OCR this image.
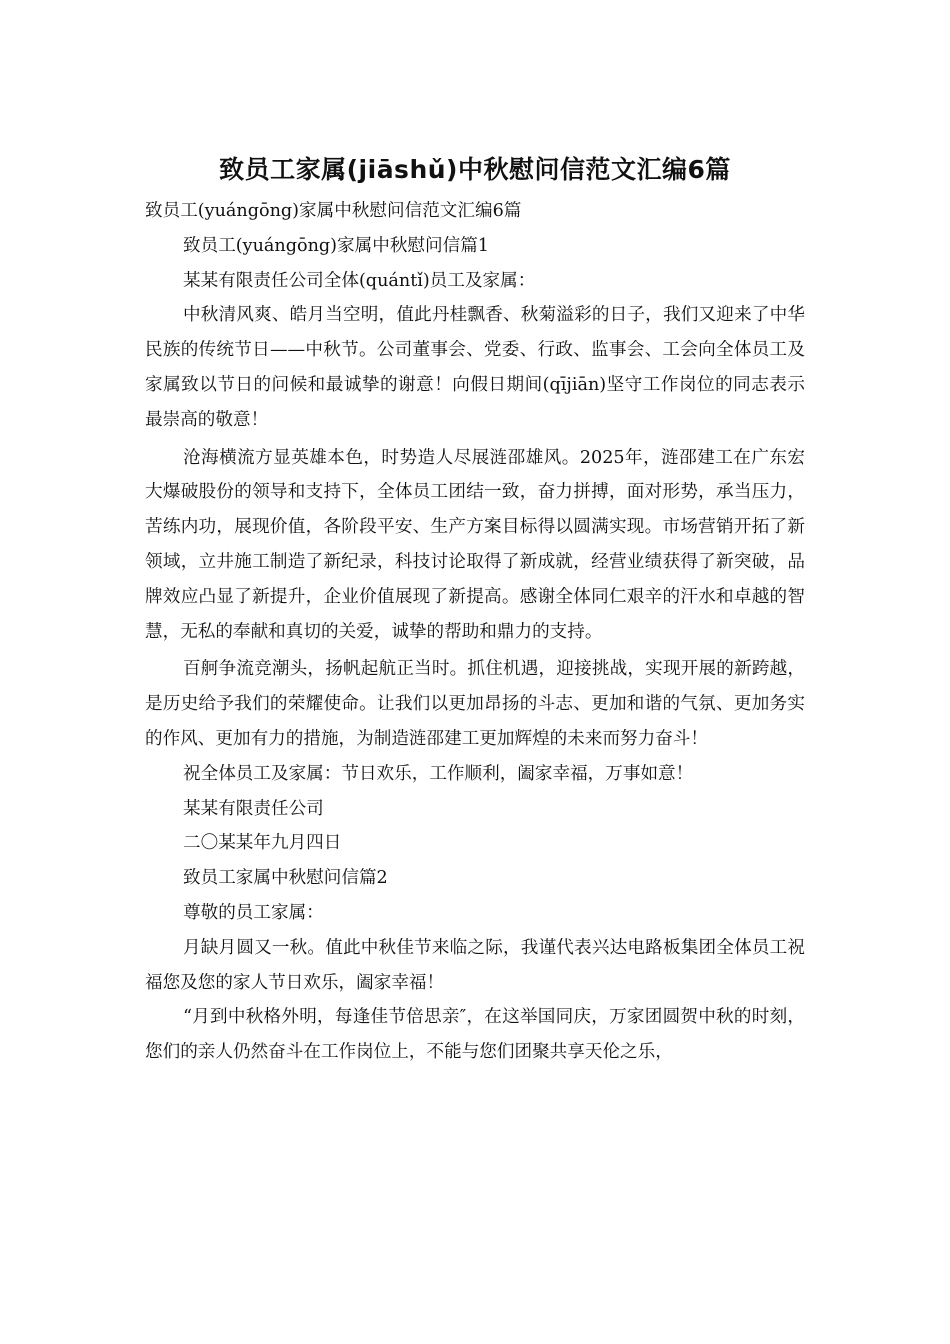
致员工家属(jiāshǔ)中秋慰问信范文汇编6篇

致员工(yuángōng)家属中秋慰问信范文汇编6篇

致员工(yuángōng)家属中秋慰问信篇1

某某有限责任公司全体(quántǐ)员工及家属：

中秋清风爽、皓月当空明，值此丹桂飘香、秋菊溢彩的日子，我们又迎来了中华民族的传统节日——中秋节。公司董事会、党委、行政、监事会、工会向全体员工及家属致以节日的问候和最诚挚的谢意！向假日期间(qījiān)坚守工作岗位的同志表示最崇高的敬意！

沧海横流方显英雄本色，时势造人尽展涟邵雄风。2025年，涟邵建工在广东宏大爆破股份的领导和支持下，全体员工团结一致，奋力拼搏，面对形势，承当压力，苦练内功，展现价值，各阶段平安、生产方案目标得以圆满实现。市场营销开拓了新领域，立井施工制造了新纪录，科技讨论取得了新成就，经营业绩获得了新突破，品牌效应凸显了新提升，企业价值展现了新提高。感谢全体同仁艰辛的汗水和卓越的智慧，无私的奉献和真切的关爱，诚挚的帮助和鼎力的支持。

百舸争流竞潮头，扬帆起航正当时。抓住机遇，迎接挑战，实现开展的新跨越，是历史给予我们的荣耀使命。让我们以更加昂扬的斗志、更加和谐的气氛、更加务实的作风、更加有力的措施，为制造涟邵建工更加辉煌的未来而努力奋斗！

祝全体员工及家属：节日欢乐，工作顺利，阖家幸福，万事如意！

某某有限责任公司

二〇某某年九月四日

致员工家属中秋慰问信篇2

尊敬的员工家属：

月缺月圆又一秋。值此中秋佳节来临之际，我谨代表兴达电路板集团全体员工祝福您及您的家人节日欢乐，阖家幸福！

“月到中秋格外明，每逢佳节倍思亲″，在这举国同庆，万家团圆贺中秋的时刻，您们的亲人仍然奋斗在工作岗位上，不能与您们团聚共享天伦之乐，
